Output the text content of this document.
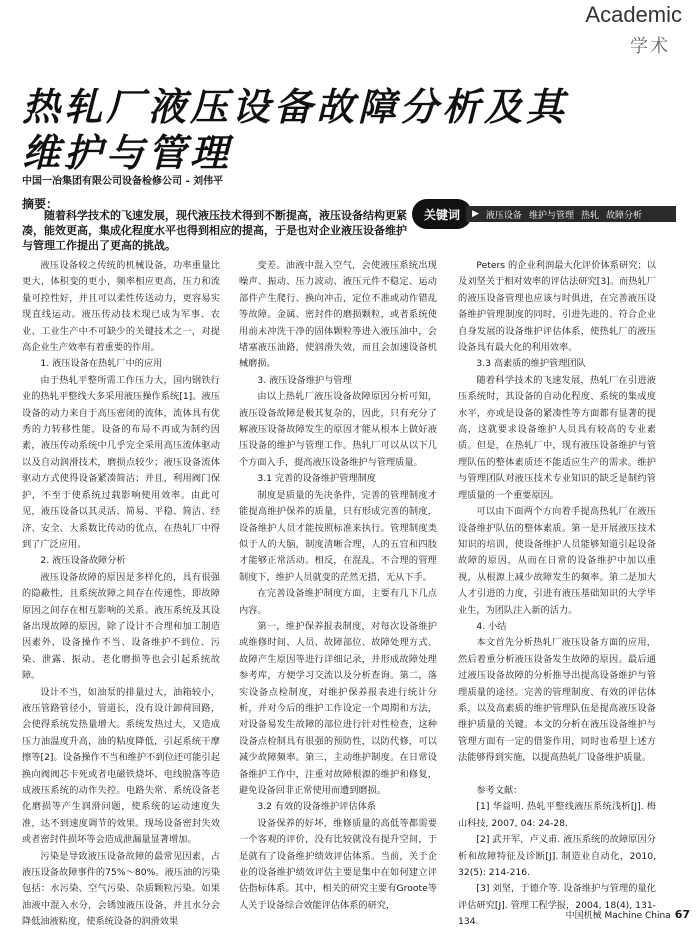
Academic
学术
热轧厂液压设备故障分析及其
维护与管理
中国一冶集团有限公司设备检修公司 - 刘伟平
摘要：
随着科学技术的飞速发展，现代液压技术得到不断提高，液压设备结构更紧凑，能效更高，集成化程度水平也得到相应的提高，于是也对企业液压设备维护与管理工作提出了更高的挑战。
关键词	▶ 液压设备 维护与管理 热轧 故障分析

液压设备较之传统的机械设备，功率重量比更大，体积变的更小，频率相应更高，压力和流量可控性好，并且可以柔性传送动力，更容易实现直线运动。液压传动技术现已成为军事、农业、工业生产中不可缺少的关键技术之一，对提高企业生产效率有着重要的作用。

1. 液压设备在热轧厂中的应用

由于热轧平整所需工作压力大，国内钢铁行业的热轧平整线大多采用液压操作系统[1]。液压设备的动力来自于高压密闭的流体，流体具有优秀的力转移性能，设备的布局不再成为制约因素，液压传动系统中几乎完全采用高压流体驱动以及自动润滑技术，磨损点较少；液压设备流体驱动方式使得设备紧凑简洁；并且，利用阀门保护，不至于使系统过载影响使用效率。由此可见，液压设备以其灵活、简易、平稳、简洁、经济、安全、大系数比传动的优点，在热轧厂中得到了广泛应用。

2. 液压设备故障分析

液压设备故障的原因是多样化的，具有很强的隐蔽性，且系统故障之间存在传递性，即故障原因之间存在相互影响的关系。液压系统及其设备出现故障的原因，除了设计不合理和加工制造因素外，设备操作不当、设备维护不到位、污染、泄露、振动、老化磨损等也会引起系统故障。

设计不当，如油泵的排量过大，油箱较小，液压管路管径小，管道长，没有设计卸荷回路，会使得系统发热量增大。系统发热过大，又造成压力油温度升高，油的粘度降低，引起系统干摩擦等[2]。设备操作不当和维护不到位还可能引起换向阀阀芯卡死或者电磁铁烧坏、电线脱落等造成液压系统的动作失控。电路失常、系统设备老化磨损等产生润滑问题，使系统的运动速度失准，达不到速度调节的效果。现场设备密封失效或者密封件损坏等会造成泄漏量显著增加。

污染是导致液压设备故障的最常见因素，占液压设备故障事件的75%～80%。液压油的污染包括：水污染、空气污染、杂质颗粒污染。如果油液中混入水分，会锈蚀液压设备，并且水分会降低油液粘度，使系统设备的润滑效果

变差。油液中混入空气，会使液压系统出现噪声、振动、压力波动、液压元件不稳定、运动部件产生爬行、换向冲击，定位不准或动作错乱等故障。金属、密封件的磨损颗粒，或者系统使用前未冲洗干净的固体颗粒等进入液压油中，会堵塞液压油路，使润滑失效，而且会加速设备机械磨损。

3. 液压设备维护与管理

由以上热轧厂液压设备故障原因分析可知，液压设备故障是极其复杂的，因此，只有充分了解液压设备故障发生的原因才能从根本上做好液压设备的维护与管理工作。热轧厂可以从以下几个方面入手，提高液压设备维护与管理质量。

3.1 完善的设备维护管理制度

制度是质量的先决条件，完善的管理制度才能提高维护保养的质量，只有形成完善的制度，设备维护人员才能按照标准来执行。管理制度类似于人的大脑，制度清晰合理，人的五官和四肢才能够正常活动。相反，在混乱、不合理的管理制度下，维护人员就变的茫然无措，无从下手。

在完善设备维护制度方面，主要有几下几点内容。

第一，维护保养报表制度，对每次设备维护或维修时间、人员、故障部位、故障处理方式、故障产生原因等进行详细记录，并形成故障处理参考库，方便学习交流以及分析查询。第二，落实设备点检制度，对维护保养报表进行统计分析，并对今后的维护工作设定一个周期和方法，对设备易发生故障的部位进行针对性检查，这种设备点检制具有很强的预防性，以防代修，可以减少故障频率。第三，主动维护制度。在日常设备维护工作中，注重对故障根源的维护和修复，避免设备回非正常使用而遭到磨损。

3.2 有效的设备维护评估体系

设备保养的好坏，维修质量的高低等都需要一个客观的评价，没有比较就没有提升空间，于是就有了设备维护绩效评估体系。当前，关于企业的设备维护绩效评估主要是集中在如何建立评估指标体系。其中，相关的研究主要有Groote等人关于设备综合效能评估体系的研究，

Peters 的企业利润最大化评价体系研究；以及刘坚关于相对效率的评估法研究[3]。而热轧厂的液压设备管理也应该与时俱进，在完善液压设备维护管理制度的同时，引进先进的、符合企业自身发展的设备维护评估体系，使热轧厂的液压设备具有最大化的利用效率。

3.3 高素质的维护管理团队

随着科学技术的飞速发展，热轧厂在引进液压系统时，其设备的自动化程度、系统的集成度水平，亦或是设备的紧凑性等方面都有显著的提高，这就要求设备维护人员具有较高的专业素质。但是，在热轧厂中，现有液压设备维护与管理队伍的整体素质还不能适应生产的需求。维护与管理团队对液压技术专业知识的缺乏是制约管理质量的一个重要原因。

可以由下面两个方向着手提高热轧厂在液压设备维护队伍的整体素质。第一是开展液压技术知识的培训，使设备维护人员能够知道引起设备故障的原因，从而在日常的设备维护中加以重视，从根源上减少故障发生的频率。第二是加大人才引进的力度，引进有液压基础知识的大学毕业生，为团队注入新的活力。

4. 小结

本文首先分析热轧厂液压设备方面的应用，然后着重分析液压设备发生故障的原因。最后通过液压设备故障的分析推导出提高设备维护与管理质量的途径。完善的管理制度、有效的评估体系，以及高素质的维护管理队伍是提高液压设备维护质量的关键。本文的分析在液压设备维护与管理方面有一定的借鉴作用，同时也希望上述方法能够得到实施，以提高热轧厂设备维护质量。

参考文献：

[1] 华益明. 热轧平整线液压系统浅析[J]. 梅山科技, 2007, 04: 24-28.

[2] 武开军，卢义甫. 液压系统的故障原因分析和故障特征及诊断[J]. 制造业自动化，2010, 32(5): 214-216.

[3] 刘坚，于德介等. 设备维护与管理的量化评估研究[J]. 管理工程学报，2004, 18(4), 131-134.

中国机械 Machine China 67
